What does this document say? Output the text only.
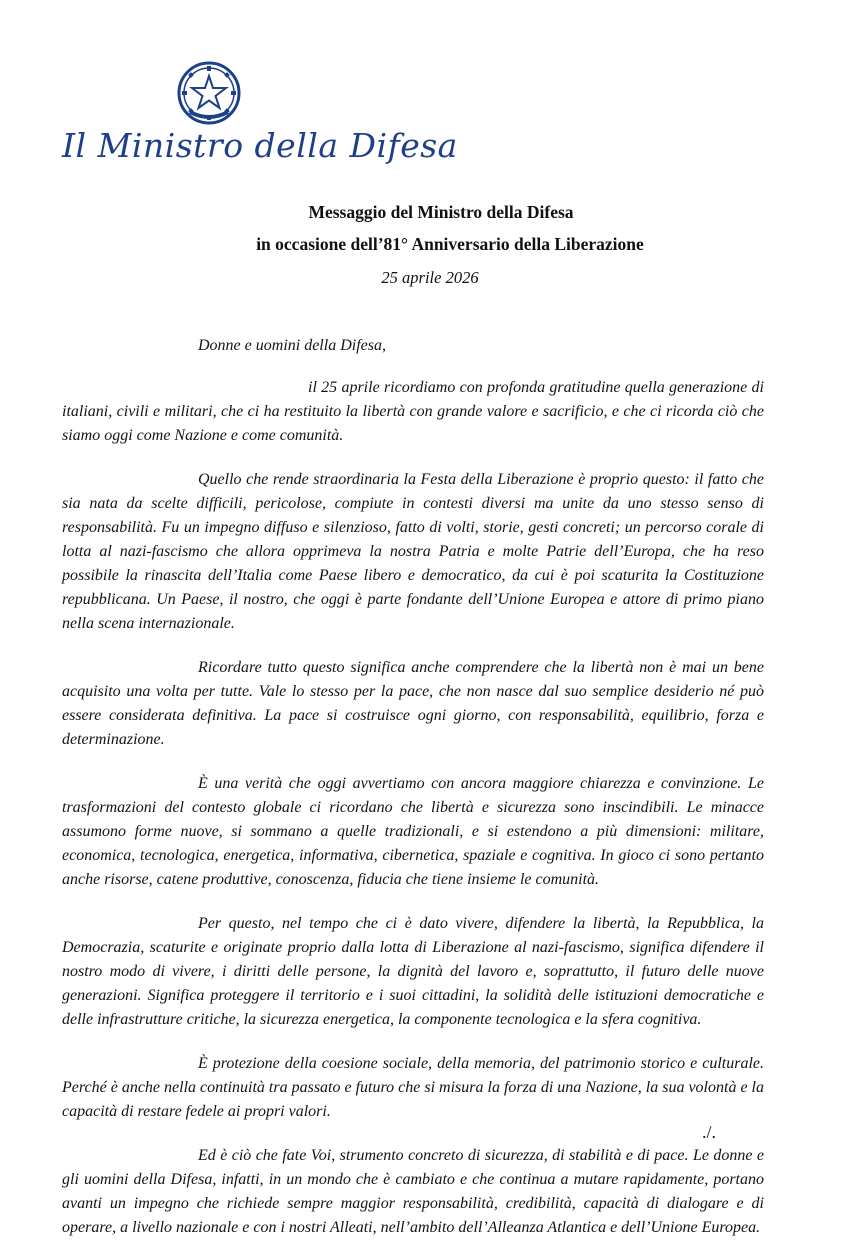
Il Ministro della Difesa
Messaggio del Ministro della Difesa
in occasione dell’81° Anniversario della Liberazione
25 aprile 2026

Donne e uomini della Difesa,

il 25 aprile ricordiamo con profonda gratitudine quella generazione di italiani, civili e militari, che ci ha restituito la libertà con grande valore e sacrificio, e che ci ricorda ciò che siamo oggi come Nazione e come comunità.

Quello che rende straordinaria la Festa della Liberazione è proprio questo: il fatto che sia nata da scelte difficili, pericolose, compiute in contesti diversi ma unite da uno stesso senso di responsabilità. Fu un impegno diffuso e silenzioso, fatto di volti, storie, gesti concreti; un percorso corale di lotta al nazi-fascismo che allora opprimeva la nostra Patria e molte Patrie dell’Europa, che ha reso possibile la rinascita dell’Italia come Paese libero e democratico, da cui è poi scaturita la Costituzione repubblicana. Un Paese, il nostro, che oggi è parte fondante dell’Unione Europea e attore di primo piano nella scena internazionale.

Ricordare tutto questo significa anche comprendere che la libertà non è mai un bene acquisito una volta per tutte. Vale lo stesso per la pace, che non nasce dal suo semplice desiderio né può essere considerata definitiva. La pace si costruisce ogni giorno, con responsabilità, equilibrio, forza e determinazione.

È una verità che oggi avvertiamo con ancora maggiore chiarezza e convinzione. Le trasformazioni del contesto globale ci ricordano che libertà e sicurezza sono inscindibili. Le minacce assumono forme nuove, si sommano a quelle tradizionali, e si estendono a più dimensioni: militare, economica, tecnologica, energetica, informativa, cibernetica, spaziale e cognitiva. In gioco ci sono pertanto anche risorse, catene produttive, conoscenza, fiducia che tiene insieme le comunità.

Per questo, nel tempo che ci è dato vivere, difendere la libertà, la Repubblica, la Democrazia, scaturite e originate proprio dalla lotta di Liberazione al nazi-fascismo, significa difendere il nostro modo di vivere, i diritti delle persone, la dignità del lavoro e, soprattutto, il futuro delle nuove generazioni. Significa proteggere il territorio e i suoi cittadini, la solidità delle istituzioni democratiche e delle infrastrutture critiche, la sicurezza energetica, la componente tecnologica e la sfera cognitiva.

È protezione della coesione sociale, della memoria, del patrimonio storico e culturale. Perché è anche nella continuità tra passato e futuro che si misura la forza di una Nazione, la sua volontà e la capacità di restare fedele ai propri valori.

Ed è ciò che fate Voi, strumento concreto di sicurezza, di stabilità e di pace. Le donne e gli uomini della Difesa, infatti, in un mondo che è cambiato e che continua a mutare rapidamente, portano avanti un impegno che richiede sempre maggior responsabilità, credibilità, capacità di dialogare e di operare, a livello nazionale e con i nostri Alleati, nell’ambito dell’Alleanza Atlantica e dell’Unione Europea.

./.
